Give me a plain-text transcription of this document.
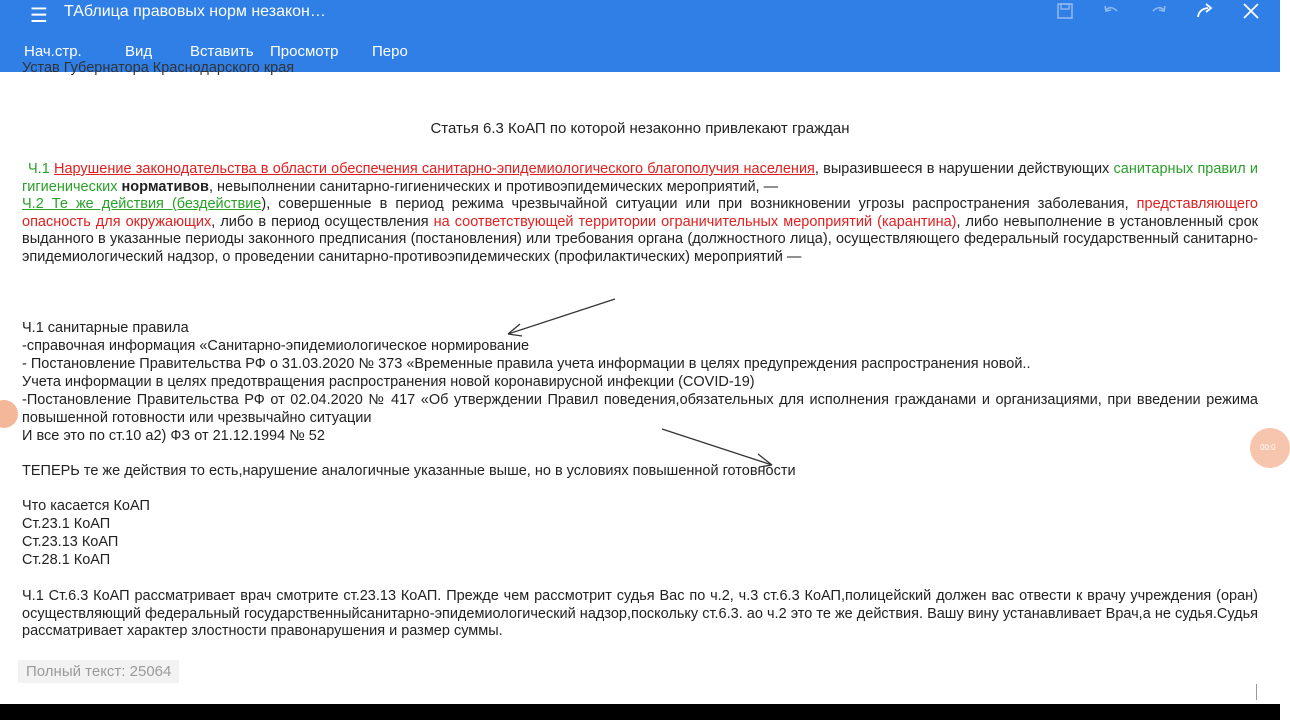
☰ ТАблица правовых норм незакон…
Нач.стр.	Вид	Вставить Просмотр Перо
Устав Губернатора Краснодарского края
Статья 6.3 КоАП по которой незаконно привлекают граждан
Ч.1 Нарушение законодательства в области обеспечения санитарно-эпидемиологического благополучия населения, выразившееся в нарушении действующих санитарных правил и гигиенических нормативов, невыполнении санитарно-гигиенических и противоэпидемических мероприятий, —
Ч.2 Те же действия (бездействие), совершенные в период режима чрезвычайной ситуации или при возникновении угрозы распространения заболевания, представляющего опасность для окружающих, либо в период осуществления на соответствующей территории ограничительных мероприятий (карантина), либо невыполнение в установленный срок выданного в указанные периоды законного предписания (постановления) или требования органа (должностного лица), осуществляющего федеральный государственный санитарно-эпидемиологический надзор, о проведении санитарно-противоэпидемических (профилактических) мероприятий —
Ч.1 санитарные правила
-справочная информация «Санитарно-эпидемиологическое нормирование
- Постановление Правительства РФ о 31.03.2020 № 373 «Временные правила учета информации в целях предупреждения распространения новой..
Учета информации в целях предотвращения распространения новой коронавирусной инфекции (COVID-19)
-Постановление Правительства РФ от 02.04.2020 № 417 «Об утверждении Правил поведения,обязательных для исполнения гражданами и организациями, при введении режима повышенной готовности или чрезвычайно ситуации
И все это по ст.10 а2) ФЗ от 21.12.1994 № 52
ТЕПЕРЬ те же действия то есть,нарушение аналогичные указанные выше, но в условиях повышенной готовности
Что касается КоАП
Ст.23.1 КоАП
Ст.23.13 КоАП
Ст.28.1 КоАП
Ч.1 Ст.6.3 КоАП рассматривает врач смотрите ст.23.13 КоАП. Прежде чем рассмотрит судья Вас по ч.2, ч.3 ст.6.3 КоАП,полицейский должен вас отвести к врачу учреждения (оран) осуществляющий федеральный государственныйсанитарно-эпидемиологический надзор,поскольку ст.6.3. ао ч.2 это те же действия. Вашу вину устанавливает Врач,а не судья.Судья рассматривает характер злостности правонарушения и размер суммы.
Полный текст: 25064
00:0
